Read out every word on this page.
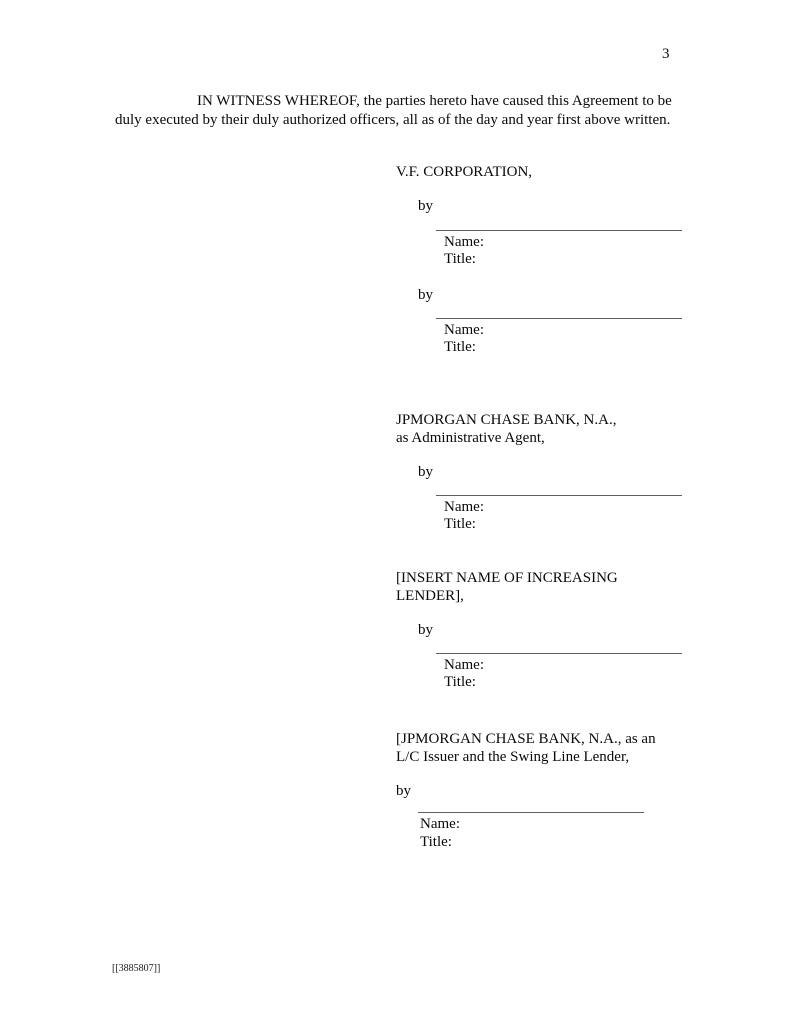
3
IN WITNESS WHEREOF, the parties hereto have caused this Agreement to be duly executed by their duly authorized officers, all as of the day and year first above written.
V.F. CORPORATION,
by
Name:
Title:
by
Name:
Title:
JPMORGAN CHASE BANK, N.A.,
as Administrative Agent,
by
Name:
Title:
[INSERT NAME OF INCREASING
LENDER],
by
Name:
Title:
[JPMORGAN CHASE BANK, N.A., as an
L/C Issuer and the Swing Line Lender,
by
Name:
Title:
[[3885807]]
